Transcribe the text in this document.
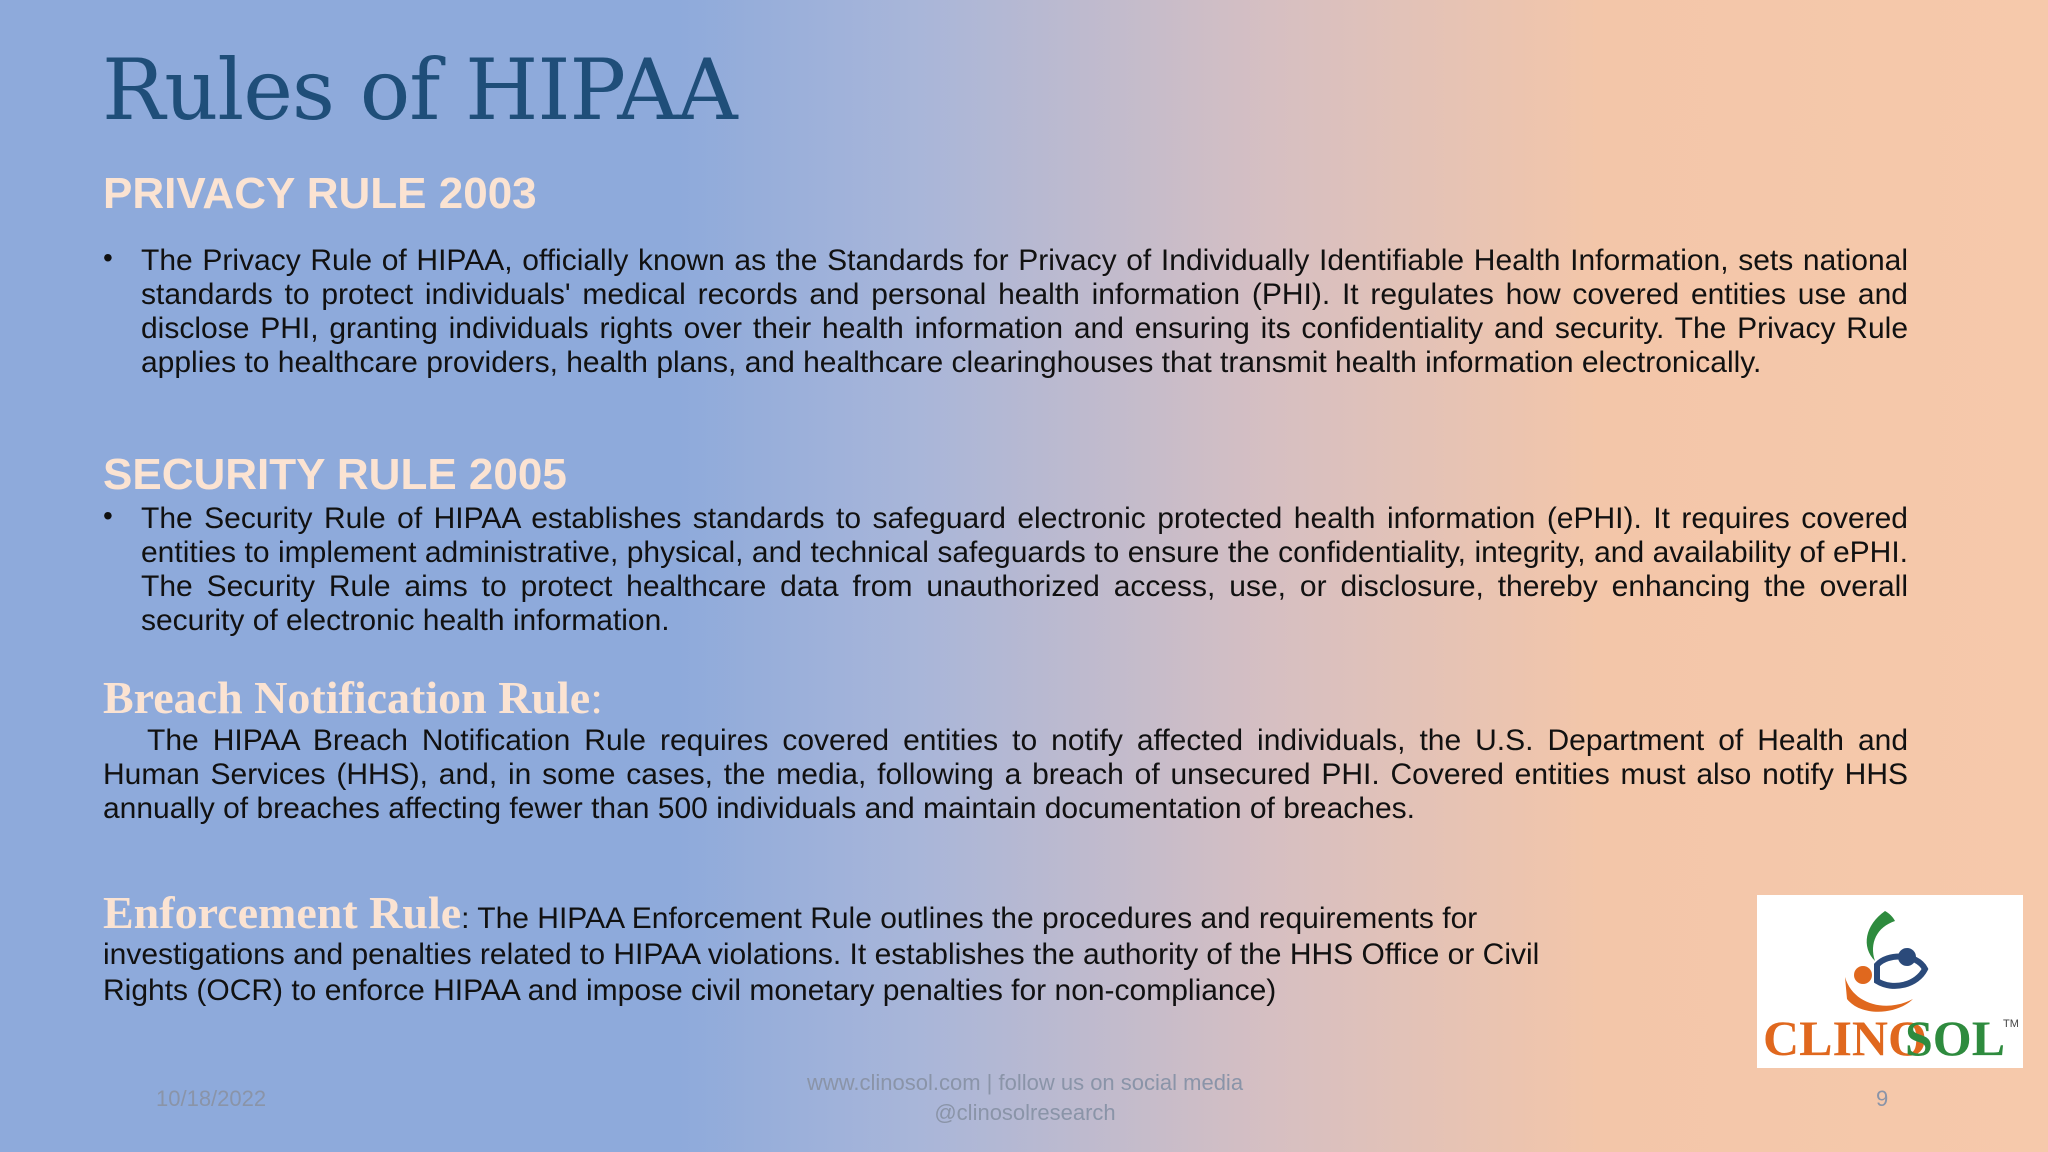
Rules of HIPAA
PRIVACY RULE 2003
• The Privacy Rule of HIPAA, officially known as the Standards for Privacy of Individually Identifiable Health Information, sets national standards to protect individuals' medical records and personal health information (PHI). It regulates how covered entities use and disclose PHI, granting individuals rights over their health information and ensuring its confidentiality and security. The Privacy Rule applies to healthcare providers, health plans, and healthcare clearinghouses that transmit health information electronically.
SECURITY RULE 2005
• The Security Rule of HIPAA establishes standards to safeguard electronic protected health information (ePHI). It requires covered entities to implement administrative, physical, and technical safeguards to ensure the confidentiality, integrity, and availability of ePHI. The Security Rule aims to protect healthcare data from unauthorized access, use, or disclosure, thereby enhancing the overall security of electronic health information.
Breach Notification Rule:
The HIPAA Breach Notification Rule requires covered entities to notify affected individuals, the U.S. Department of Health and Human Services (HHS), and, in some cases, the media, following a breach of unsecured PHI. Covered entities must also notify HHS annually of breaches affecting fewer than 500 individuals and maintain documentation of breaches.
Enforcement Rule: The HIPAA Enforcement Rule outlines the procedures and requirements for investigations and penalties related to HIPAA violations. It establishes the authority of the HHS Office or Civil Rights (OCR) to enforce HIPAA and impose civil monetary penalties for non-compliance)
CLINO
SOL
TM
10/18/2022
www.clinosol.com | follow us on social media
@clinosolresearch
9
